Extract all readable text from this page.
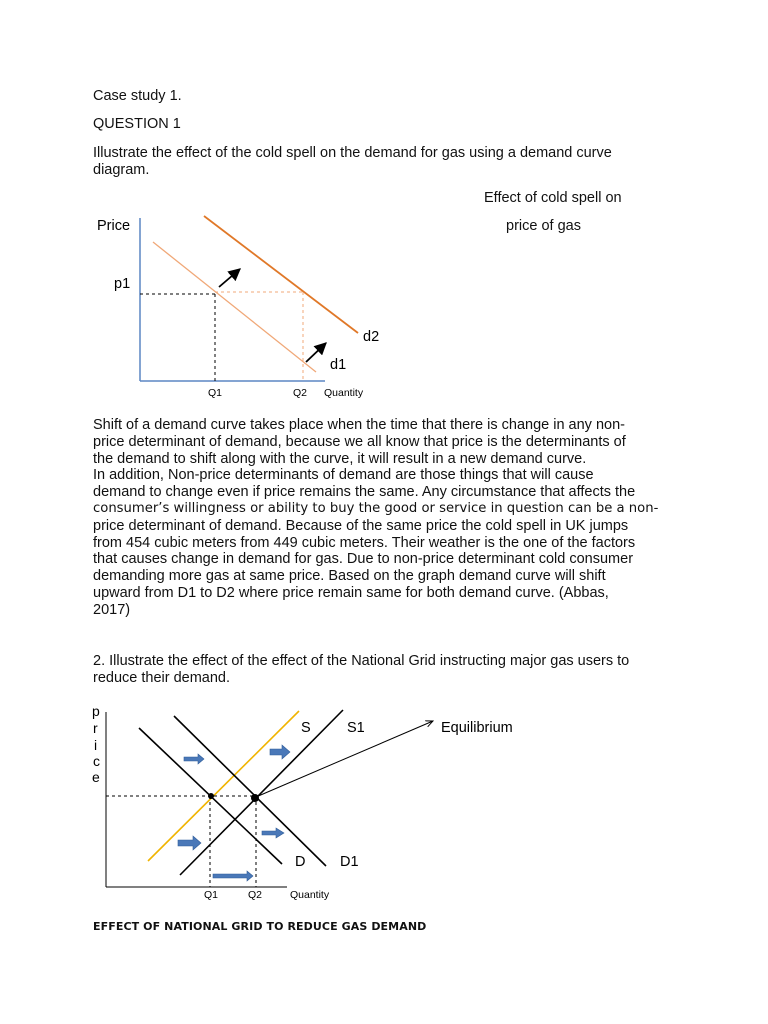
Case study 1.
QUESTION 1
Illustrate the effect of the cold spell on the demand for gas using a demand curve
diagram.
Effect of cold spell on
price of gas
Price
p1
d2
d1
Q1	Q2 Quantity
Shift of a demand curve takes place when the time that there is change in any non-
price determinant of demand, because we all know that price is the determinants of
the demand to shift along with the curve, it will result in a new demand curve.
In addition, Non-price determinants of demand are those things that will cause
demand to change even if price remains the same. Any circumstance that affects the
consumer’s willingness or ability to buy the good or service in question can be a non-
price determinant of demand. Because of the same price the cold spell in UK jumps
from 454 cubic meters from 449 cubic meters. Their weather is the one of the factors
that causes change in demand for gas. Due to non-price determinant cold consumer
demanding more gas at same price. Based on the graph demand curve will shift
upward from D1 to D2 where price remain same for both demand curve. (Abbas,
2017)
2. Illustrate the effect of the effect of the National Grid instructing major gas users to
reduce their demand.
p
r
i
c
e
S	S1	Equilibrium
D D1
Q1	Q2	Quantity
EFFECT OF NATIONAL GRID TO REDUCE GAS DEMAND
